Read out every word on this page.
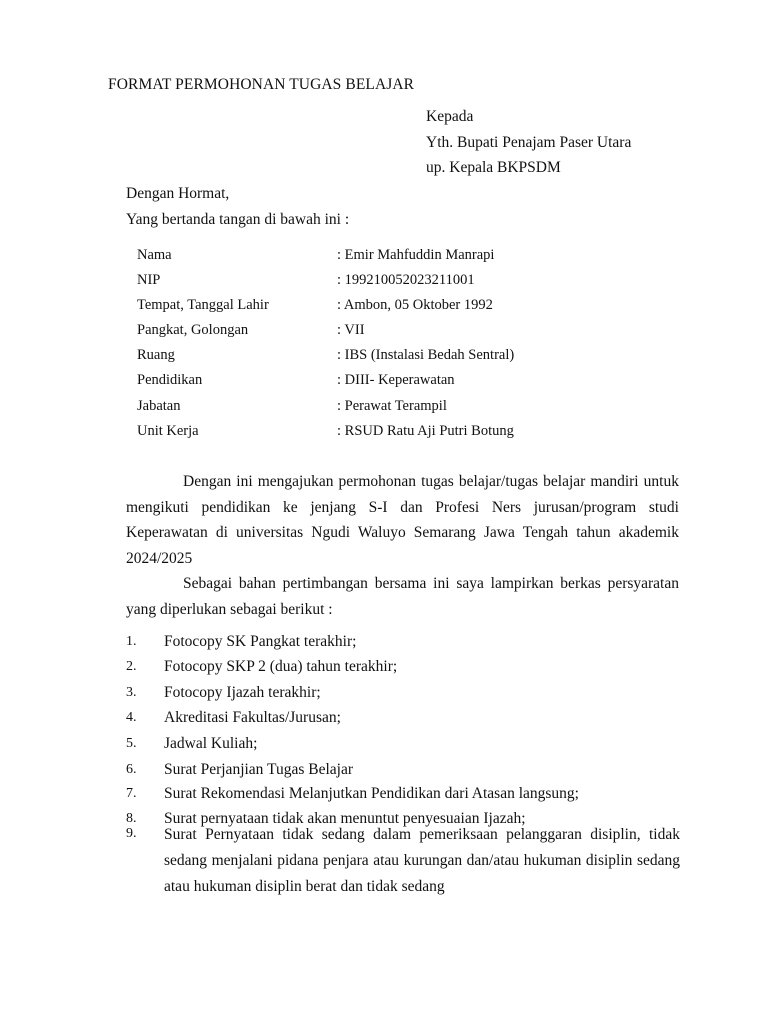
FORMAT PERMOHONAN TUGAS BELAJAR
Kepada
Yth. Bupati Penajam Paser Utara
up. Kepala BKPSDM
Dengan Hormat,
Yang bertanda tangan di bawah ini :
Nama	: Emir Mahfuddin Manrapi
NIP	: 199210052023211001
Tempat, Tanggal Lahir	: Ambon, 05 Oktober 1992
Pangkat, Golongan	: VII
Ruang	: IBS (Instalasi Bedah Sentral)
Pendidikan	: DIII- Keperawatan
Jabatan	: Perawat Terampil
Unit Kerja	: RSUD Ratu Aji Putri Botung

Dengan ini mengajukan permohonan tugas belajar/tugas belajar mandiri untuk mengikuti pendidikan ke jenjang S-I dan Profesi Ners jurusan/program studi Keperawatan di universitas Ngudi Waluyo Semarang Jawa Tengah tahun akademik 2024/2025

Sebagai bahan pertimbangan bersama ini saya lampirkan berkas persyaratan yang diperlukan sebagai berikut :

1.	Fotocopy SK Pangkat terakhir;
2.	Fotocopy SKP 2 (dua) tahun terakhir;
3.	Fotocopy Ijazah terakhir;
4.	Akreditasi Fakultas/Jurusan;
5.	Jadwal Kuliah;
6.	Surat Perjanjian Tugas Belajar
7.	Surat Rekomendasi Melanjutkan Pendidikan dari Atasan langsung;
8.	Surat pernyataan tidak akan menuntut penyesuaian Ijazah;
9.	Surat Pernyataan tidak sedang dalam pemeriksaan pelanggaran disiplin, tidak sedang menjalani pidana penjara atau kurungan dan/atau hukuman disiplin sedang atau hukuman disiplin berat dan tidak sedang
